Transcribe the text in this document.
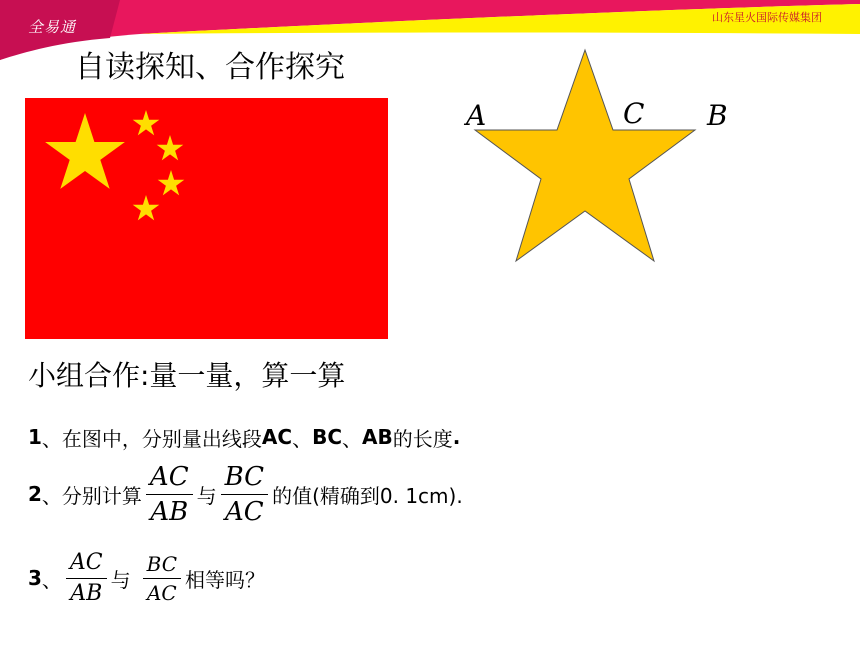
全易通
山东星火国际传媒集团
自读探知、合作探究
A	C B
小组合作:量一量，算一算
1 、在图中，分别量出线段 AC 、 BC 、 AB 的长度 .
2 、分别计算 $\frac{AC}{AB}$ 与 $\frac{BC}{AC}$ 的值(精确到0. 1cm).
3 、 $\frac{AC}{AB}$ 与 $\frac{BC}{AC}$ 相等吗？
